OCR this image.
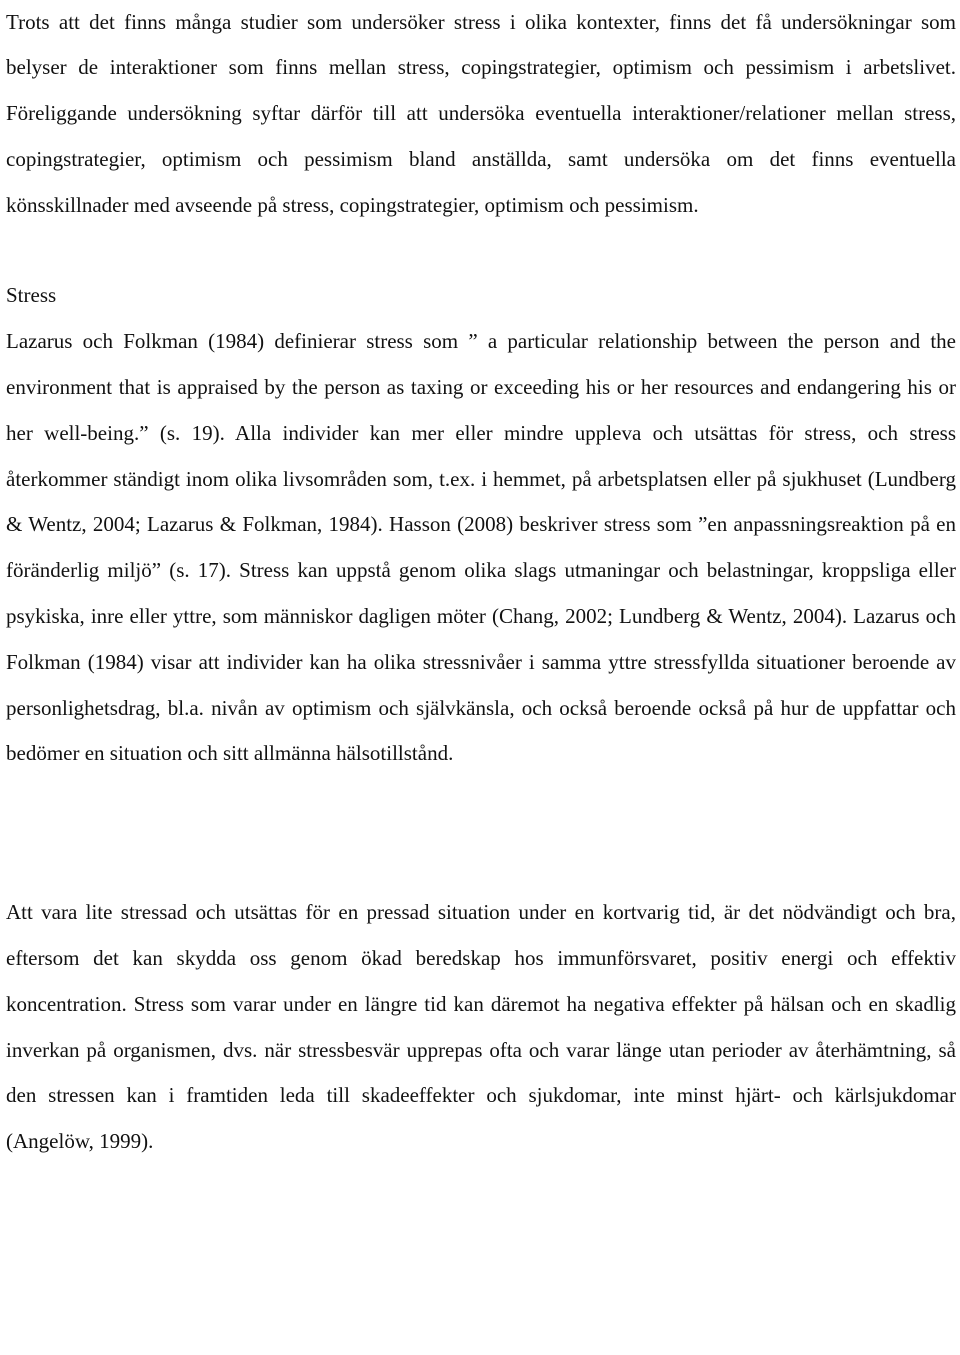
Trots att det finns många studier som undersöker stress i olika kontexter, finns det få undersökningar som belyser de interaktioner som finns mellan stress, copingstrategier, optimism och pessimism i arbetslivet. Föreliggande undersökning syftar därför till att undersöka eventuella interaktioner/relationer mellan stress, copingstrategier, optimism och pessimism bland anställda, samt undersöka om det finns eventuella könsskillnader med avseende på stress, copingstrategier, optimism och pessimism.

Stress

Lazarus och Folkman (1984) definierar stress som ” a particular relationship between the person and the environment that is appraised by the person as taxing or exceeding his or her resources and endangering his or her well-being.” (s. 19). Alla individer kan mer eller mindre uppleva och utsättas för stress, och stress återkommer ständigt inom olika livsområden som, t.ex. i hemmet, på arbetsplatsen eller på sjukhuset (Lundberg & Wentz, 2004; Lazarus & Folkman, 1984). Hasson (2008) beskriver stress som ”en anpassningsreaktion på en föränderlig miljö” (s. 17). Stress kan uppstå genom olika slags utmaningar och belastningar, kroppsliga eller psykiska, inre eller yttre, som människor dagligen möter (Chang, 2002; Lundberg & Wentz, 2004). Lazarus och Folkman (1984) visar att individer kan ha olika stressnivåer i samma yttre stressfyllda situationer beroende av personlighetsdrag, bl.a. nivån av optimism och självkänsla, och också beroende också på hur de uppfattar och bedömer en situation och sitt allmänna hälsotillstånd.

Att vara lite stressad och utsättas för en pressad situation under en kortvarig tid, är det nödvändigt och bra, eftersom det kan skydda oss genom ökad beredskap hos immunförsvaret, positiv energi och effektiv koncentration. Stress som varar under en längre tid kan däremot ha negativa effekter på hälsan och en skadlig inverkan på organismen, dvs. när stressbesvär upprepas ofta och varar länge utan perioder av återhämtning, så den stressen kan i framtiden leda till skadeeffekter och sjukdomar, inte minst hjärt- och kärlsjukdomar (Angelöw, 1999).
